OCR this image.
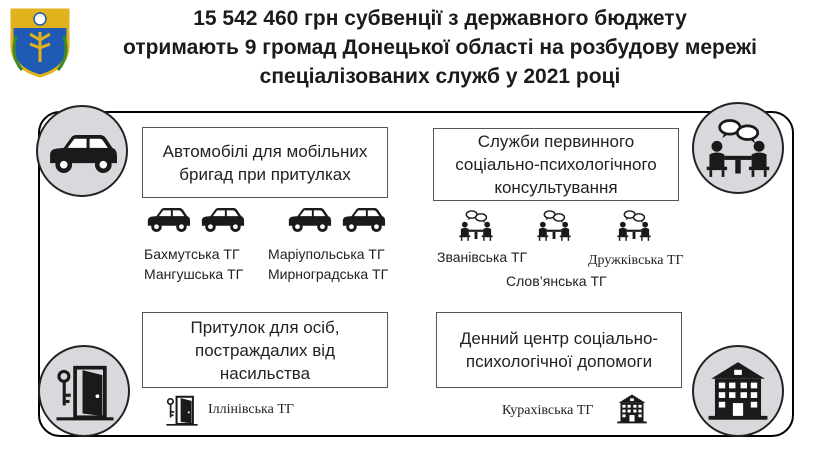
15 542 460 грн субвенції з державного бюджету
отримають 9 громад Донецької області на розбудову мережі
спеціалізованих служб у 2021 році
Автомобілі для мобільних
бригад при притулках
Бахмутська ТГ
Мангушська ТГ
Маріупольська ТГ
Мирноградська ТГ
Служби первинного
соціально-психологічного
консультування
Званівська ТГ
Слов’янська ТГ
Дружківська ТГ
Притулок для осіб,
постраждалих від
насильства
Іллінівська ТГ
Денний центр соціально-
психологічної допомоги
Курахівська ТГ
